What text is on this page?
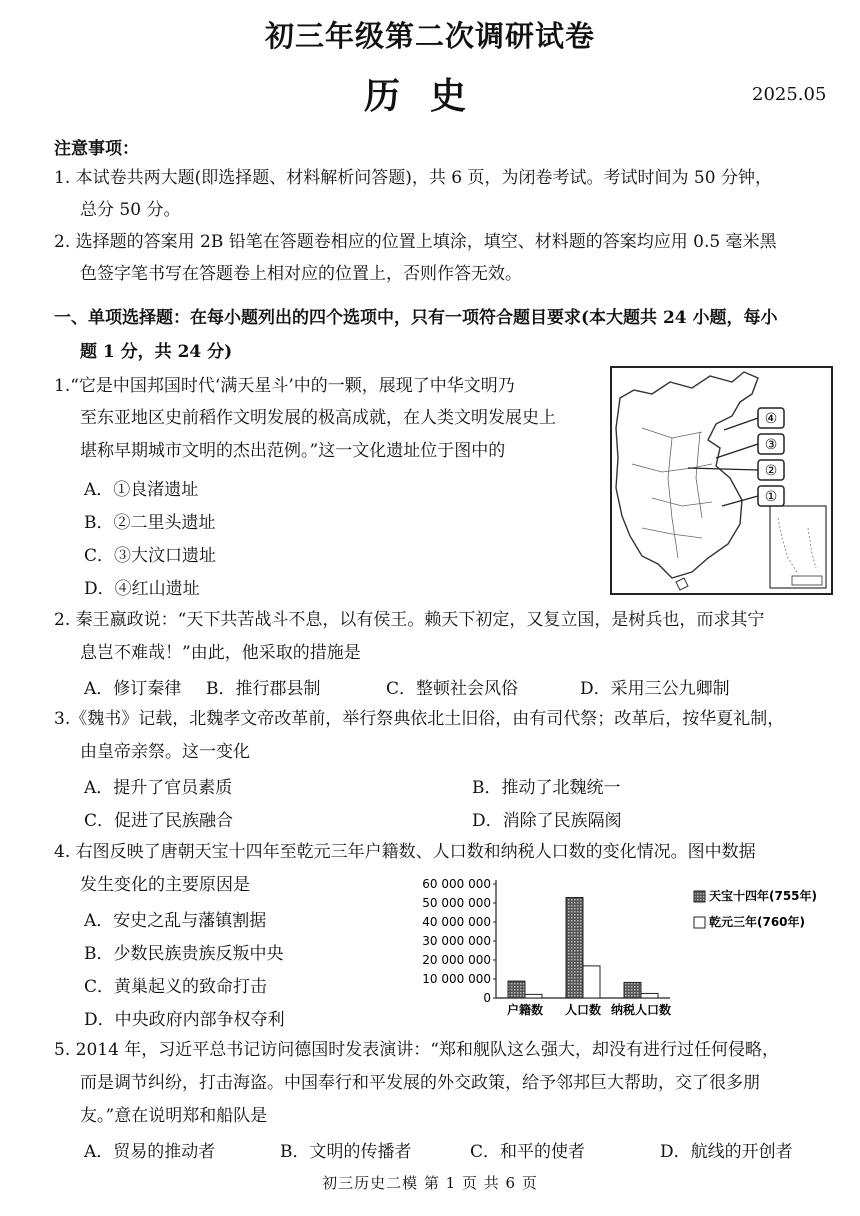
初三年级第二次调研试卷
历史	2025.05
注意事项：
1. 本试卷共两大题(即选择题、材料解析问答题)，共 6 页，为闭卷考试。考试时间为 50 分钟，
总分 50 分。
2. 选择题的答案用 2B 铅笔在答题卷相应的位置上填涂，填空、材料题的答案均应用 0.5 毫米黑
色签字笔书写在答题卷上相对应的位置上，否则作答无效。
一、单项选择题：在每小题列出的四个选项中，只有一项符合题目要求(本大题共 24 小题，每小
题 1 分，共 24 分)
1.“它是中国邦国时代‘满天星斗’中的一颗，展现了中华文明乃
至东亚地区史前稻作文明发展的极高成就，在人类文明发展史上
堪称早期城市文明的杰出范例。”这一文化遗址位于图中的
A．①良渚遗址
B．②二里头遗址
C．③大汶口遗址
D．④红山遗址
④
③
②
①
2. 秦王嬴政说：“天下共苦战斗不息，以有侯王。赖天下初定，又复立国，是树兵也，而求其宁
息岂不难哉！”由此，他采取的措施是
A．修订秦律 B．推行郡县制	C．整顿社会风俗	D．采用三公九卿制
3.《魏书》记载，北魏孝文帝改革前，举行祭典依北土旧俗，由有司代祭；改革后，按华夏礼制，
由皇帝亲祭。这一变化
A．提升了官员素质	B．推动了北魏统一
C．促进了民族融合	D．消除了民族隔阂
4. 右图反映了唐朝天宝十四年至乾元三年户籍数、人口数和纳税人口数的变化情况。图中数据
发生变化的主要原因是
A．安史之乱与藩镇割据
B．少数民族贵族反叛中央
C．黄巢起义的致命打击
D．中央政府内部争权夺利
60 000 000
50 000 000
40 000 000
30 000 000
20 000 000
10 000 000
0
户籍数 人口数 纳税人口数
天宝十四年(755年)
乾元三年(760年)
5. 2014 年，习近平总书记访问德国时发表演讲：“郑和舰队这么强大，却没有进行过任何侵略，
而是调节纠纷，打击海盗。中国奉行和平发展的外交政策，给予邻邦巨大帮助，交了很多朋
友。”意在说明郑和船队是
A．贸易的推动者	B．文明的传播者	C．和平的使者	D．航线的开创者
初三历史二模 第 1 页 共 6 页
